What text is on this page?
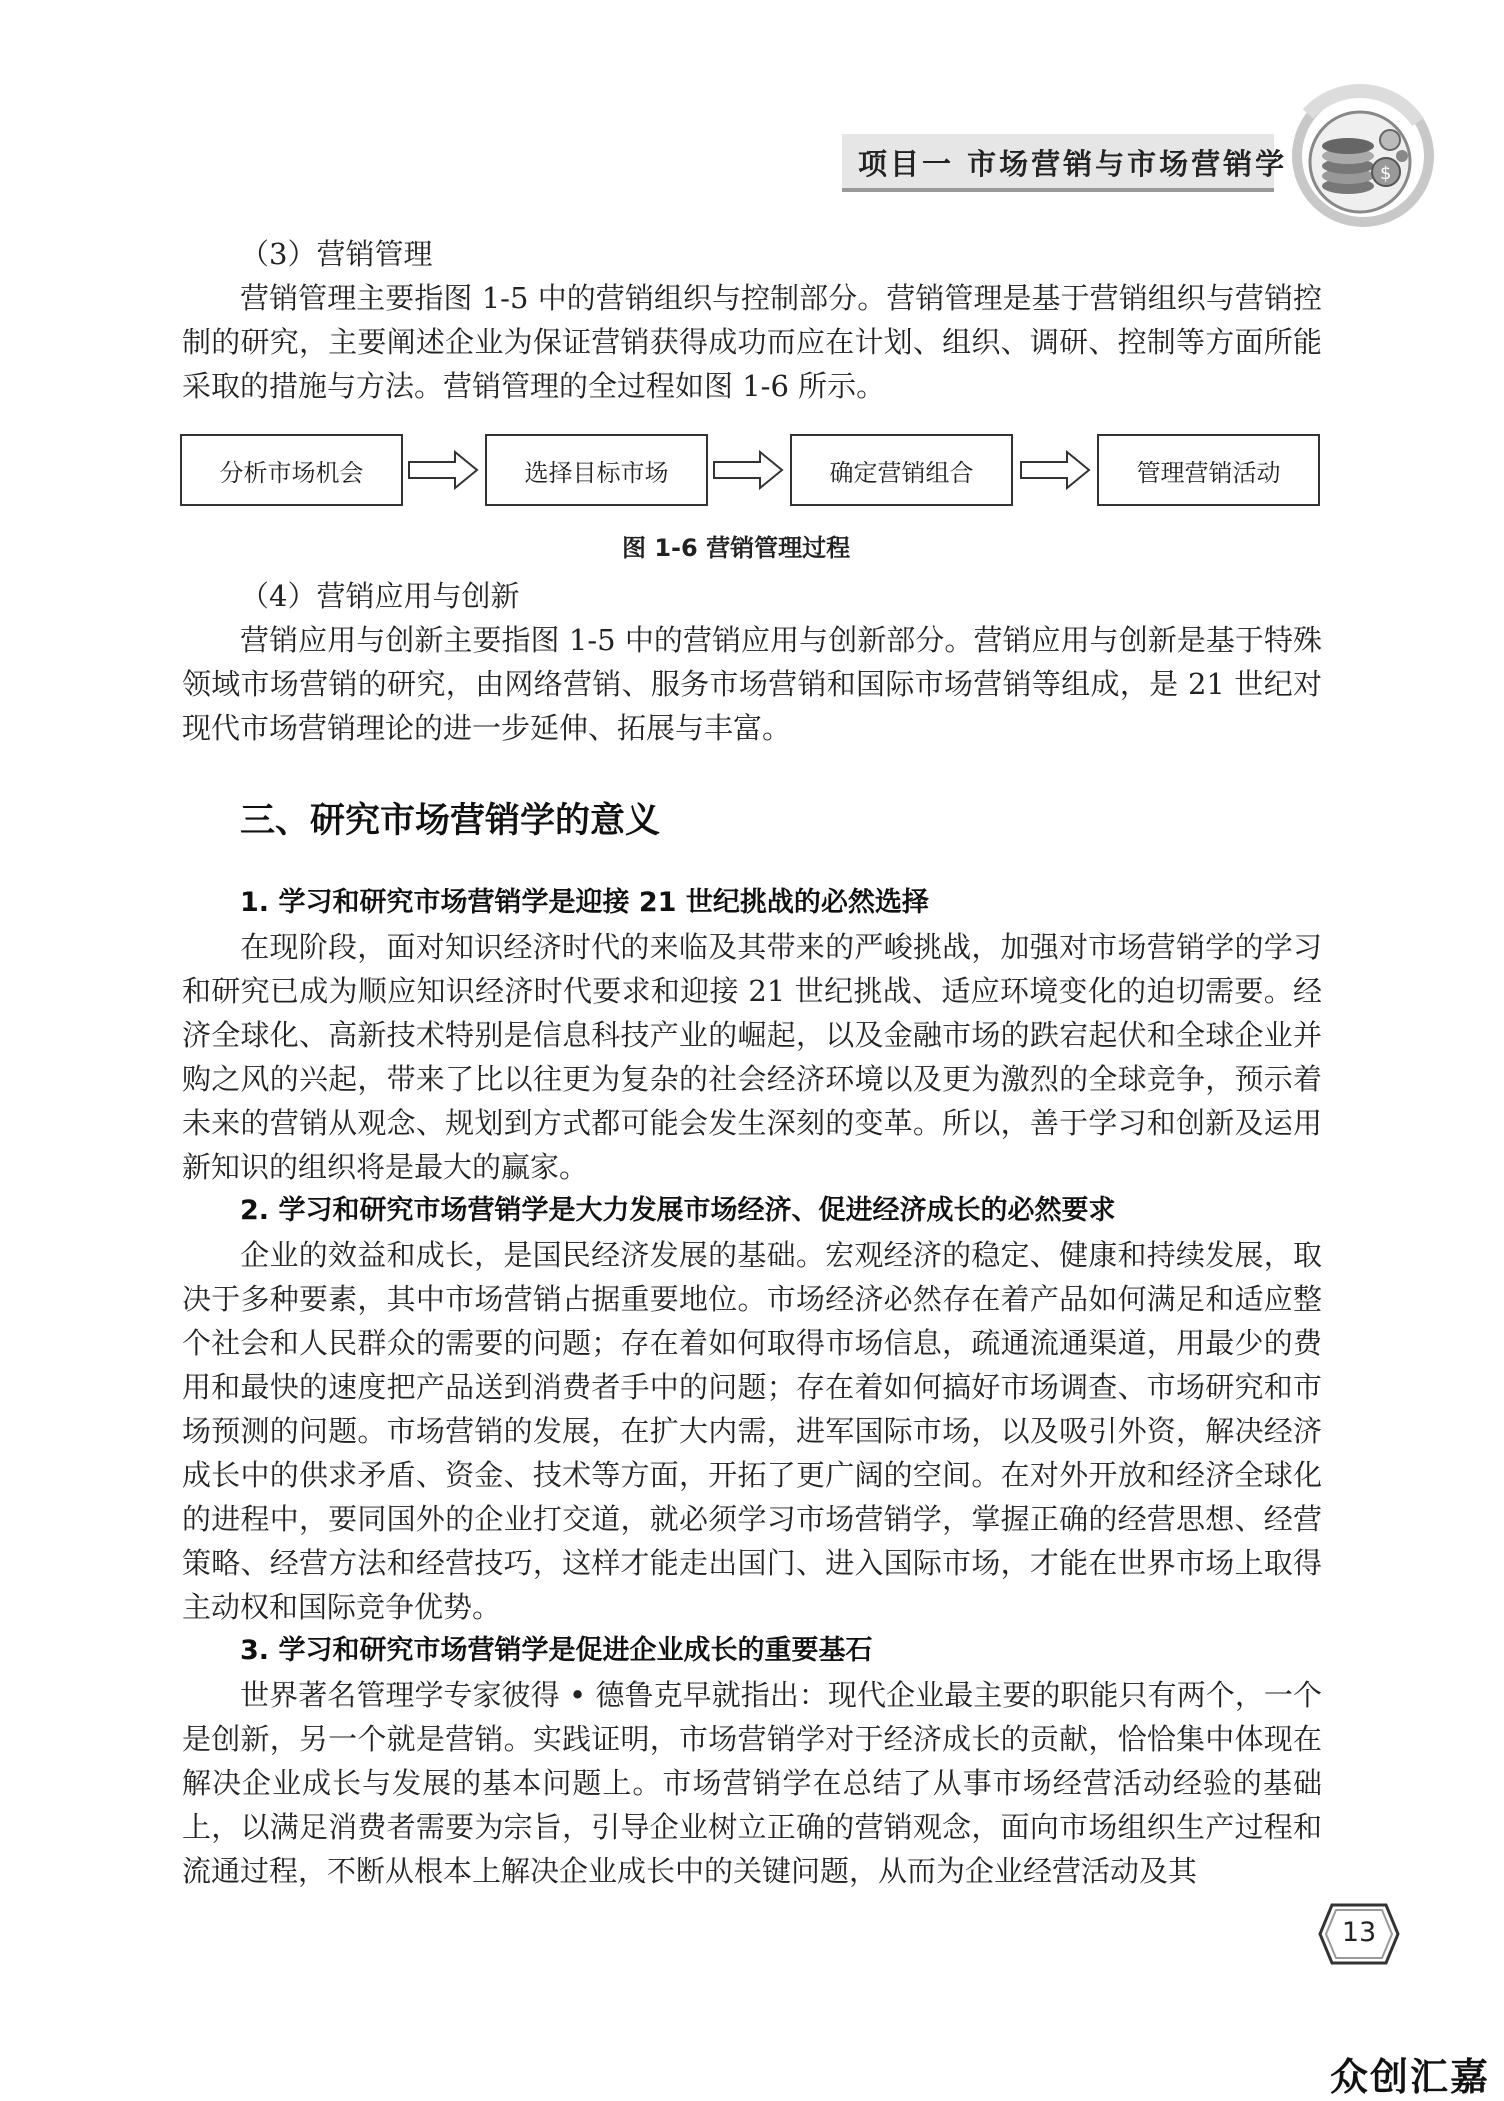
项目一 市场营销与市场营销学	$

（3）营销管理

营销管理主要指图 1-5 中的营销组织与控制部分。营销管理是基于营销组织与营销控制的研究，主要阐述企业为保证营销获得成功而应在计划、组织、调研、控制等方面所能采取的措施与方法。营销管理的全过程如图 1-6 所示。

分析市场机会	选择目标市场	确定营销组合	管理营销活动
图 1-6 营销管理过程

（4）营销应用与创新

营销应用与创新主要指图 1-5 中的营销应用与创新部分。营销应用与创新是基于特殊领域市场营销的研究，由网络营销、服务市场营销和国际市场营销等组成，是 21 世纪对现代市场营销理论的进一步延伸、拓展与丰富。

三、研究市场营销学的意义

1. 学习和研究市场营销学是迎接 21 世纪挑战的必然选择

在现阶段，面对知识经济时代的来临及其带来的严峻挑战，加强对市场营销学的学习和研究已成为顺应知识经济时代要求和迎接 21 世纪挑战、适应环境变化的迫切需要。经济全球化、高新技术特别是信息科技产业的崛起，以及金融市场的跌宕起伏和全球企业并购之风的兴起，带来了比以往更为复杂的社会经济环境以及更为激烈的全球竞争，预示着未来的营销从观念、规划到方式都可能会发生深刻的变革。所以，善于学习和创新及运用新知识的组织将是最大的赢家。

2. 学习和研究市场营销学是大力发展市场经济、促进经济成长的必然要求

企业的效益和成长，是国民经济发展的基础。宏观经济的稳定、健康和持续发展，取决于多种要素，其中市场营销占据重要地位。市场经济必然存在着产品如何满足和适应整个社会和人民群众的需要的问题；存在着如何取得市场信息，疏通流通渠道，用最少的费用和最快的速度把产品送到消费者手中的问题；存在着如何搞好市场调查、市场研究和市场预测的问题。市场营销的发展，在扩大内需，进军国际市场，以及吸引外资，解决经济成长中的供求矛盾、资金、技术等方面，开拓了更广阔的空间。在对外开放和经济全球化的进程中，要同国外的企业打交道，就必须学习市场营销学，掌握正确的经营思想、经营策略、经营方法和经营技巧，这样才能走出国门、进入国际市场，才能在世界市场上取得主动权和国际竞争优势。

3. 学习和研究市场营销学是促进企业成长的重要基石

世界著名管理学专家彼得 • 德鲁克早就指出：现代企业最主要的职能只有两个，一个是创新，另一个就是营销。实践证明，市场营销学对于经济成长的贡献，恰恰集中体现在解决企业成长与发展的基本问题上。市场营销学在总结了从事市场经营活动经验的基础上，以满足消费者需要为宗旨，引导企业树立正确的营销观念，面向市场组织生产过程和流通过程，不断从根本上解决企业成长中的关键问题，从而为企业经营活动及其

13
众创汇嘉
